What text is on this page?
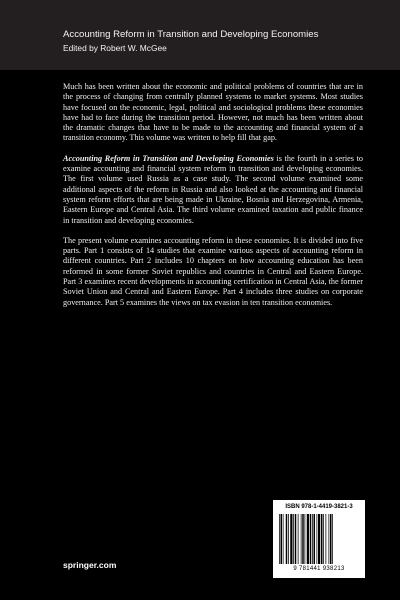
Accounting Reform in Transition and Developing Economies
Edited by Robert W. McGee

Much has been written about the economic and political problems of countries that are in the process of changing from centrally planned systems to market systems. Most studies have focused on the economic, legal, political and sociological problems these economies have had to face during the transition period. However, not much has been written about the dramatic changes that have to be made to the accounting and financial system of a transition economy. This volume was written to help fill that gap.

Accounting Reform in Transition and Developing Economies is the fourth in a series to examine accounting and financial system reform in transition and developing economies. The first volume used Russia as a case study. The second volume examined some additional aspects of the reform in Russia and also looked at the accounting and financial system reform efforts that are being made in Ukraine, Bosnia and Herzegovina, Armenia, Eastern Europe and Central Asia. The third volume examined taxation and public finance in transition and developing economies.

The present volume examines accounting reform in these economies. It is divided into five parts. Part 1 consists of 14 studies that examine various aspects of accounting reform in different countries. Part 2 includes 10 chapters on how accounting education has been reformed in some former Soviet republics and countries in Central and Eastern Europe. Part 3 examines recent developments in accounting certification in Central Asia, the former Soviet Union and Central and Eastern Europe. Part 4 includes three studies on corporate governance. Part 5 examines the views on tax evasion in ten transition economies.

ISBN 978-1-4419-3821-3
9 781441 938213
springer.com
